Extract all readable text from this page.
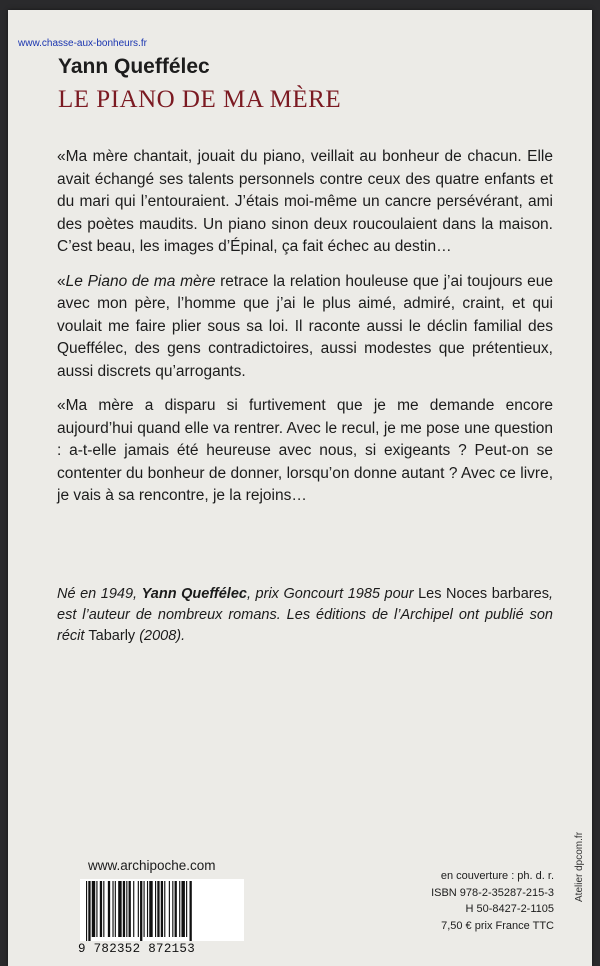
www.chasse-aux-bonheurs.fr
Yann Queffélec
LE PIANO DE MA MÈRE

«Ma mère chantait, jouait du piano, veillait au bonheur de chacun. Elle avait échangé ses talents personnels contre ceux des quatre enfants et du mari qui l’entouraient. J’étais moi-même un cancre persévérant, ami des poètes maudits. Un piano sinon deux roucoulaient dans la maison. C’est beau, les images d’Épinal, ça fait échec au destin…

«Le Piano de ma mère retrace la relation houleuse que j’ai toujours eue avec mon père, l’homme que j’ai le plus aimé, admiré, craint, et qui voulait me faire plier sous sa loi. Il raconte aussi le déclin familial des Queffélec, des gens contradictoires, aussi modestes que prétentieux, aussi discrets qu’arrogants.

«Ma mère a disparu si furtivement que je me demande encore aujourd’hui quand elle va rentrer. Avec le recul, je me pose une question : a-t-elle jamais été heureuse avec nous, si exigeants ? Peut-on se contenter du bonheur de donner, lorsqu’on donne autant ? Avec ce livre, je vais à sa rencontre, je la rejoins…

Né en 1949, Yann Queffélec, prix Goncourt 1985 pour Les Noces barbares, est l’auteur de nombreux romans. Les éditions de l’Archipel ont publié son récit Tabarly (2008).

www.archipoche.com
9 782352 872153
en couverture : ph. d. r.
ISBN 978-2-35287-215-3
H 50-8427-2-1105
7,50 € prix France TTC
Atelier dpcom.fr
